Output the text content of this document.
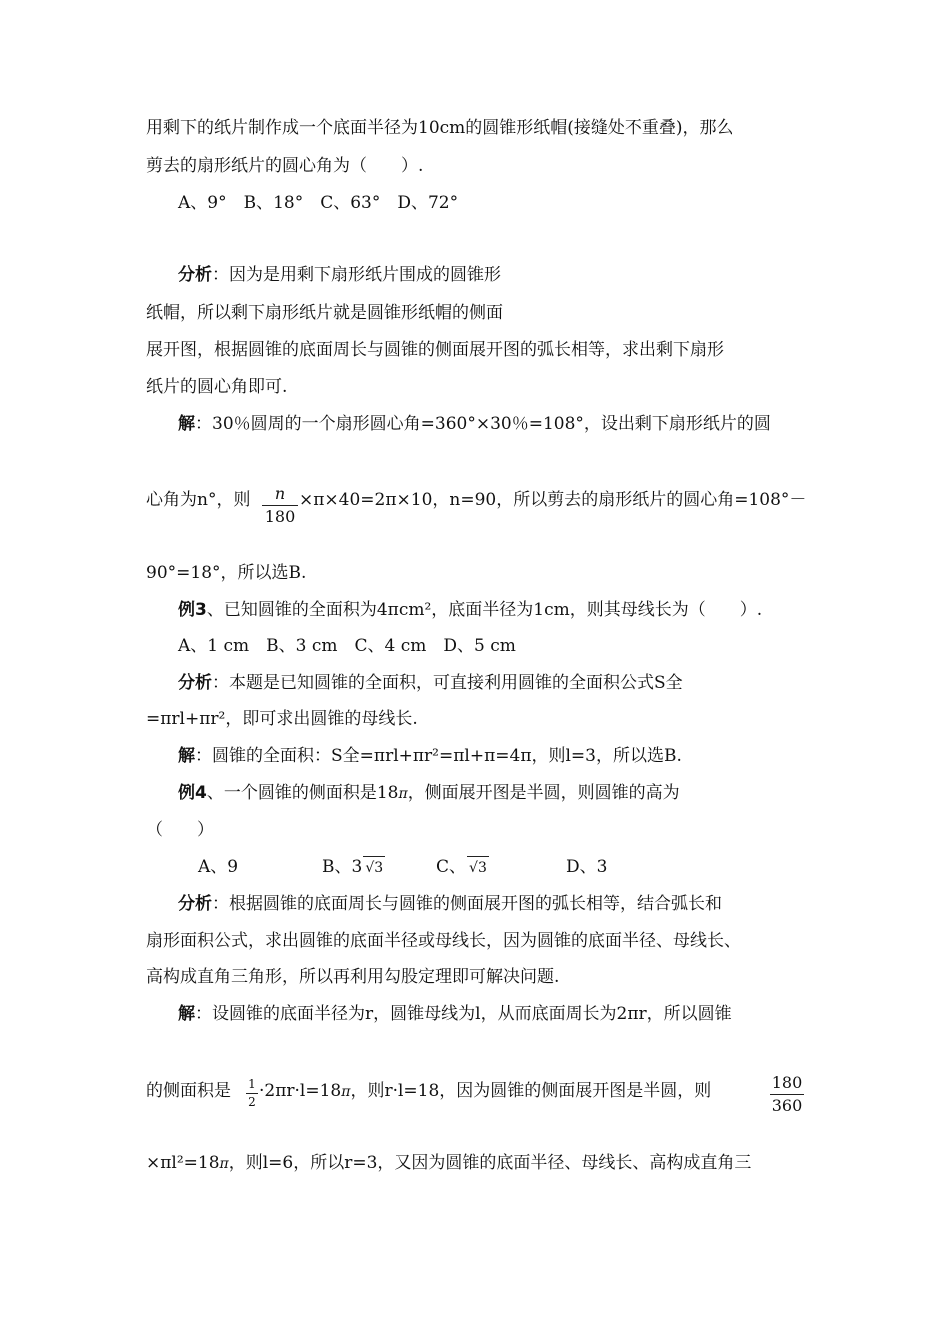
用剩下的纸片制作成一个底面半径为10cm的圆锥形纸帽(接缝处不重叠)，那么
剪去的扇形纸片的圆心角为（　　）.
A、9°　B、18°　C、63°　D、72°
分析：因为是用剩下扇形纸片围成的圆锥形
纸帽，所以剩下扇形纸片就是圆锥形纸帽的侧面
展开图，根据圆锥的底面周长与圆锥的侧面展开图的弧长相等，求出剩下扇形
纸片的圆心角即可.
解：30％圆周的一个扇形圆心角=360°×30％=108°，设出剩下扇形纸片的圆
心角为n°，则	n
180
×π×40=2π×10，n=90，所以剪去的扇形纸片的圆心角=108°－
90°=18°，所以选B.
例3、已知圆锥的全面积为4πcm²，底面半径为1cm，则其母线长为（　　）.
A、1 cm　B、3 cm　C、4 cm　D、5 cm
分析：本题是已知圆锥的全面积，可直接利用圆锥的全面积公式S全
=πrl+πr²，即可求出圆锥的母线长.
解：圆锥的全面积：S全=πrl+πr²=πl+π=4π，则l=3，所以选B.
例4、一个圆锥的侧面积是18π，侧面展开图是半圆，则圆锥的高为
（　　）
A、9	B、3 √3	C、 √3	D、3
分析：根据圆锥的底面周长与圆锥的侧面展开图的弧长相等，结合弧长和
扇形面积公式，求出圆锥的底面半径或母线长，因为圆锥的底面半径、母线长、
高构成直角三角形，所以再利用勾股定理即可解决问题.
解：设圆锥的底面半径为r，圆锥母线为l，从而底面周长为2πr，所以圆锥
的侧面积是 1
2
·2πr·l=18π，则r·l=18，因为圆锥的侧面展开图是半圆，则	180
360
×πl²=18π，则l=6，所以r=3，又因为圆锥的底面半径、母线长、高构成直角三
